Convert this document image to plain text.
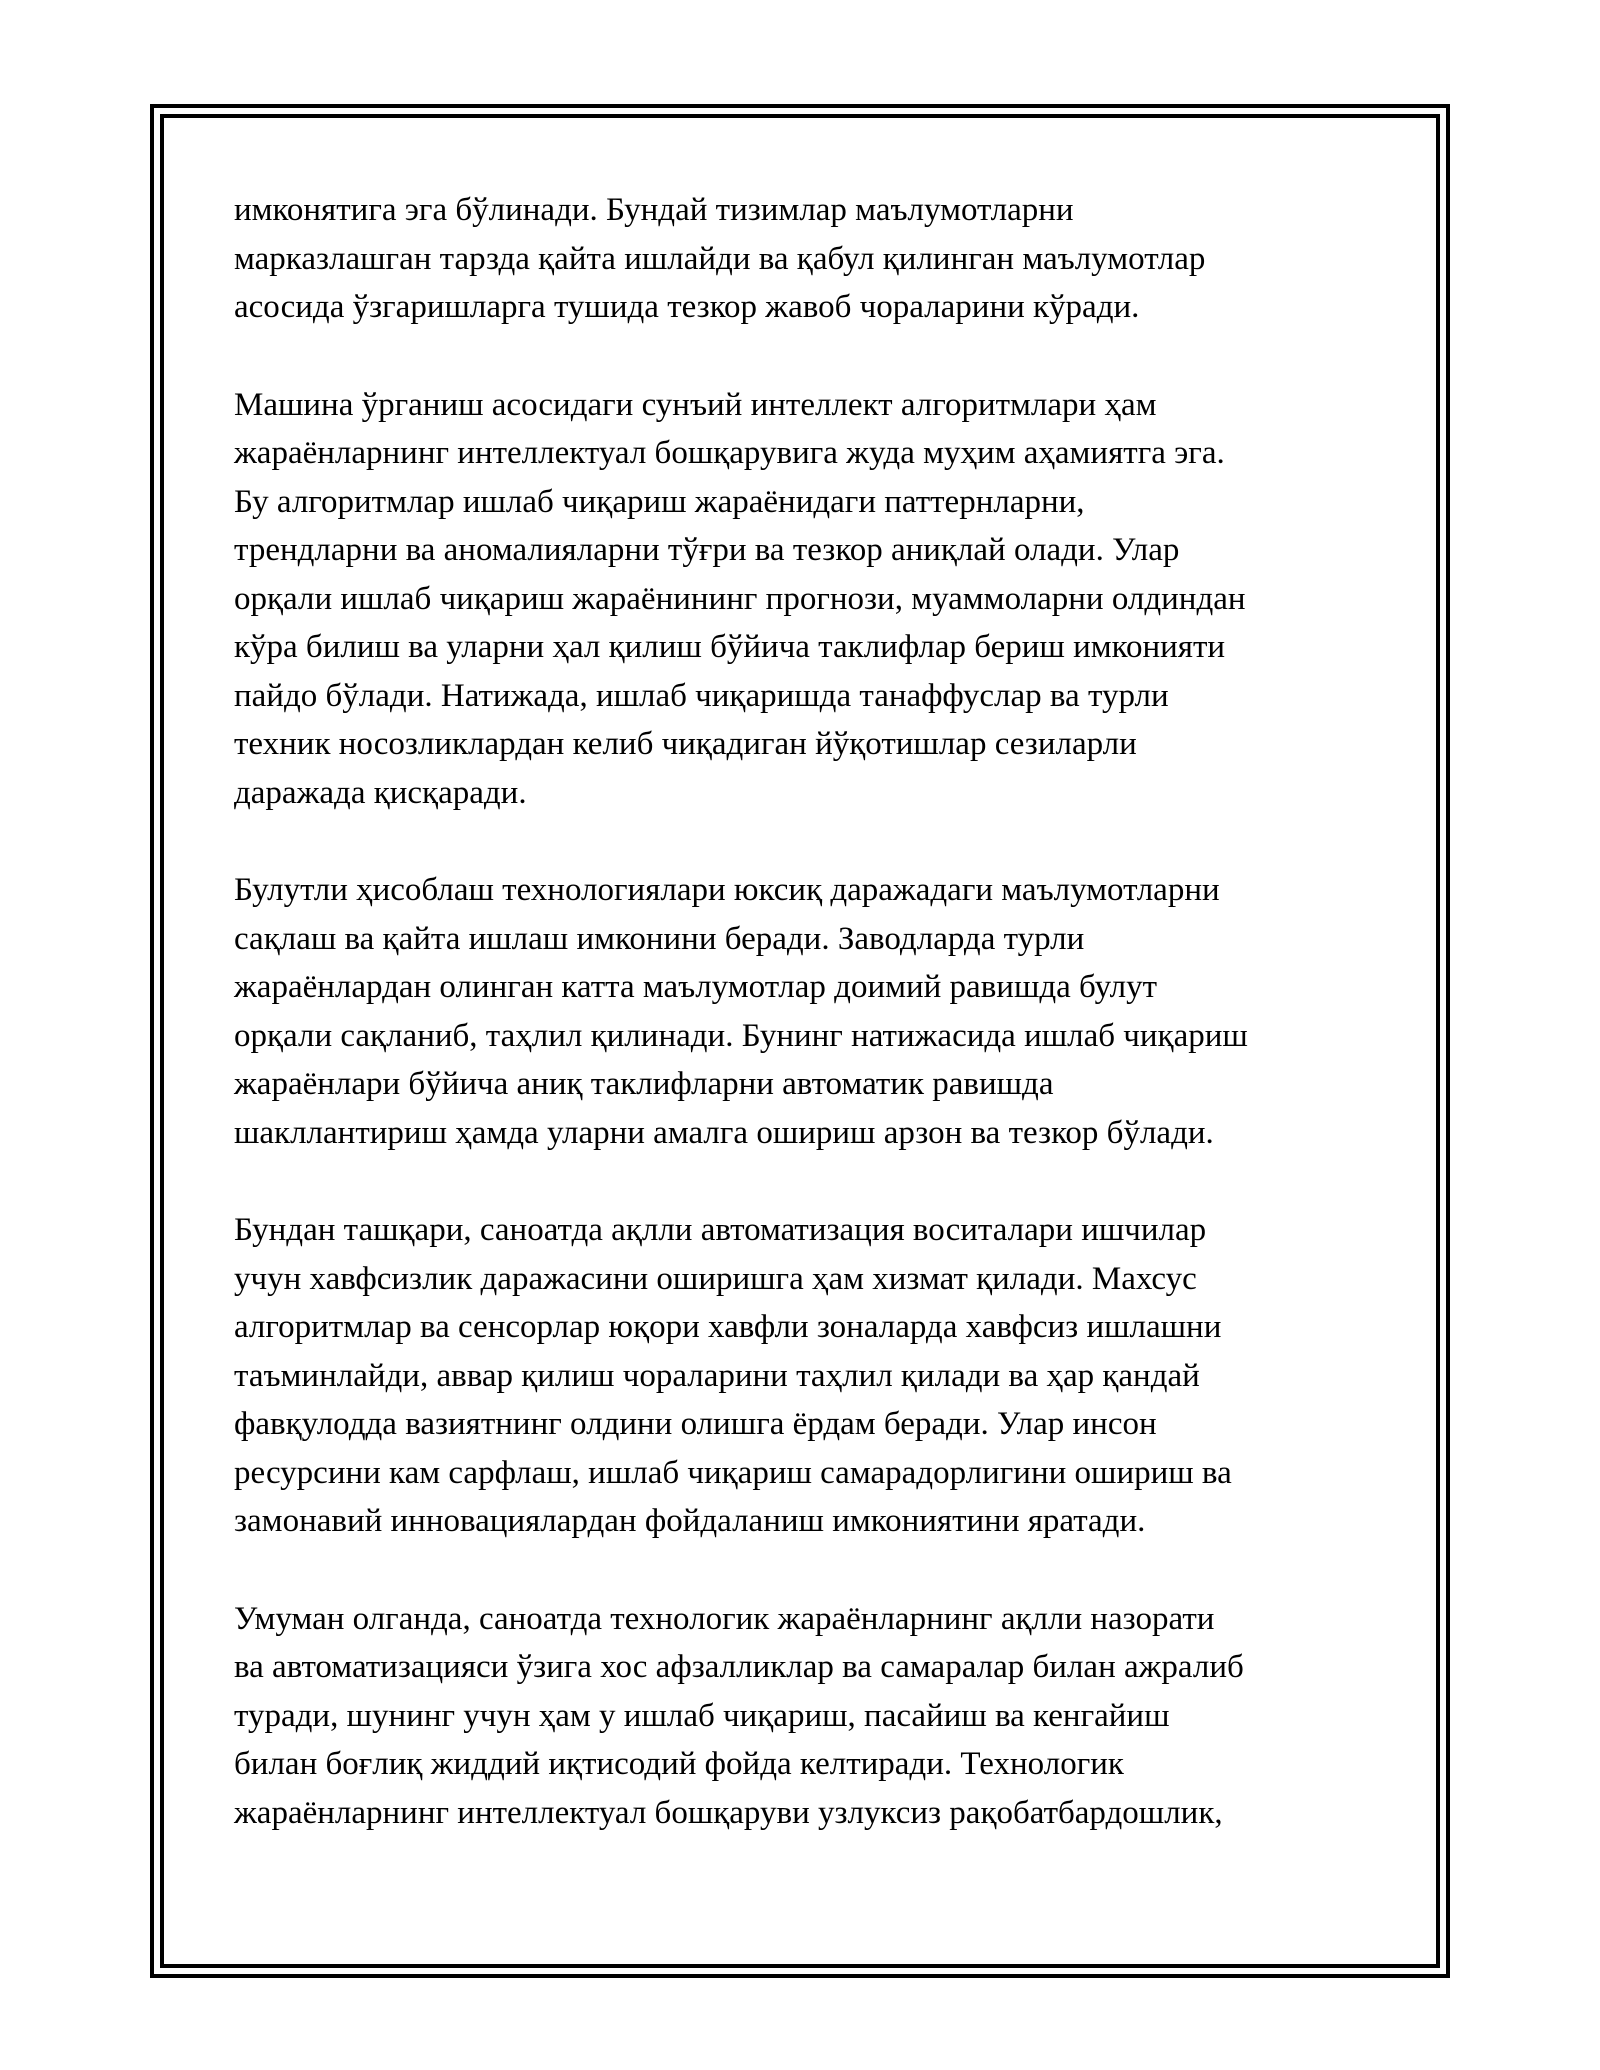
имконятига эга бўлинади. Бундай тизимлар маълумотларни
марказлашган тарзда қайта ишлайди ва қабул қилинган маълумотлар
асосида ўзгаришларга тушида тезкор жавоб чораларини кўради.

Машина ўрганиш асосидаги сунъий интеллект алгоритмлари ҳам
жараёнларнинг интеллектуал бошқарувига жуда муҳим аҳамиятга эга.
Бу алгоритмлар ишлаб чиқариш жараёнидаги паттернларни,
трендларни ва аномалияларни тўғри ва тезкор аниқлай олади. Улар
орқали ишлаб чиқариш жараёнининг прогнози, муаммоларни олдиндан
кўра билиш ва уларни ҳал қилиш бўйича таклифлар бериш имконияти
пайдо бўлади. Натижада, ишлаб чиқаришда танаффуслар ва турли
техник носозликлардан келиб чиқадиган йўқотишлар сезиларли
даражада қисқаради.

Булутли ҳисоблаш технологиялари юксиқ даражадаги маълумотларни
сақлаш ва қайта ишлаш имконини беради. Заводларда турли
жараёнлардан олинган катта маълумотлар доимий равишда булут
орқали сақланиб, таҳлил қилинади. Бунинг натижасида ишлаб чиқариш
жараёнлари бўйича аниқ таклифларни автоматик равишда
шакллантириш ҳамда уларни амалга ошириш арзон ва тезкор бўлади.

Бундан ташқари, саноатда ақлли автоматизация воситалари ишчилар
учун хавфсизлик даражасини оширишга ҳам хизмат қилади. Махсус
алгоритмлар ва сенсорлар юқори хавфли зоналарда хавфсиз ишлашни
таъминлайди, аввар қилиш чораларини таҳлил қилади ва ҳар қандай
фавқулодда вазиятнинг олдини олишга ёрдам беради. Улар инсон
ресурсини кам сарфлаш, ишлаб чиқариш самарадорлигини ошириш ва
замонавий инновациялардан фойдаланиш имкониятини яратади.

Умуман олганда, саноатда технологик жараёнларнинг ақлли назорати
ва автоматизацияси ўзига хос афзалликлар ва самаралар билан ажралиб
туради, шунинг учун ҳам у ишлаб чиқариш, пасайиш ва кенгайиш
билан боғлиқ жиддий иқтисодий фойда келтиради. Технологик
жараёнларнинг интеллектуал бошқаруви узлуксиз рақобатбардошлик,
